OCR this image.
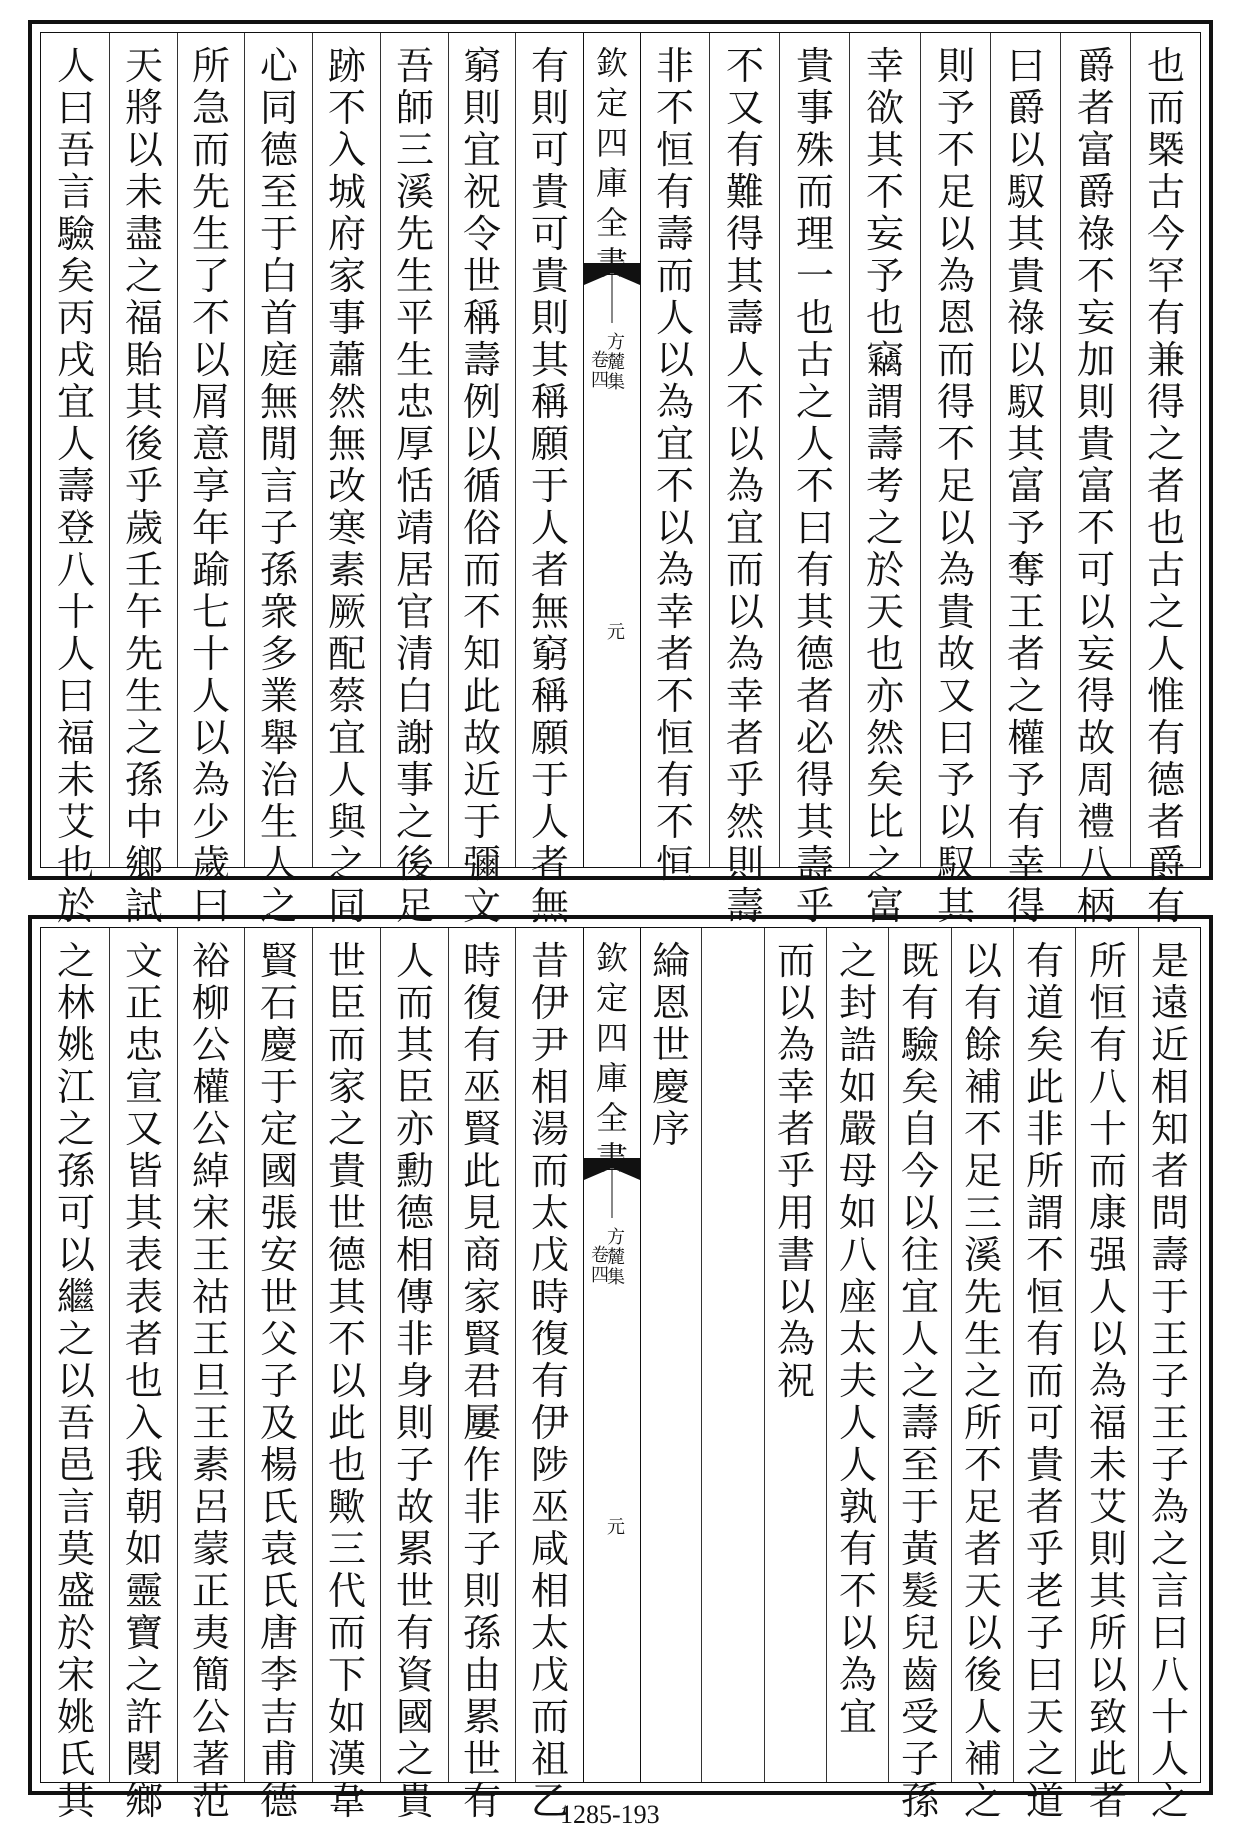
欽
定
四
庫
全
方
麓
集
卷
四
元
也
而
槩
古
今
罕
有
兼
得
之
者
也
古
之
人
惟
有
德
者
爵
有
爵
者
富
爵
祿
不
妄
加
則
貴
富
不
可
以
妄
得
故
周
禮
八
柄
曰
爵
以
馭
其
貴
祿
以
馭
其
富
予
奪
王
者
之
權
予
有
幸
得
則
予
不
足
以
為
恩
而
得
不
足
以
為
貴
故
又
曰
予
以
馭
其
幸
欲
其
不
妄
予
也
竊
謂
壽
考
之
於
天
也
亦
然
矣
比
之
富
貴
事
殊
而
理
一
也
古
之
人
不
曰
有
其
德
者
必
得
其
壽
乎
不
又
有
難
得
其
壽
人
不
以
為
宜
而
以
為
幸
者
乎
然
則
壽
非
不
恒
有
壽
而
人
以
為
宜
不
以
為
幸
者
不
恒
有
不
恒
有
則
可
貴
可
貴
則
其
稱
願
于
人
者
無
窮
稱
願
于
人
者
無
窮
則
宜
祝
令
世
稱
壽
例
以
循
俗
而
不
知
此
故
近
于
彌
文
吾
師
三
溪
先
生
平
生
忠
厚
恬
靖
居
官
清
白
謝
事
之
後
足
跡
不
入
城
府
家
事
蕭
然
無
改
寒
素
厥
配
蔡
宜
人
與
之
同
心
同
德
至
于
白
首
庭
無
閒
言
子
孫
衆
多
業
舉
治
生
人
之
所
急
而
先
生
了
不
以
屑
意
享
年
踰
七
十
人
以
為
少
歲
曰
天
將
以
未
盡
之
福
貽
其
後
乎
歲
壬
午
先
生
之
孫
中
鄉
試
人
曰
吾
言
驗
矣
丙
戌
宜
人
壽
登
八
十
人
曰
福
未
艾
也
於
欽
定
四
庫
全
方
麓
集
卷
四
元
是
遠
近
相
知
者
問
壽
于
王
子
王
子
為
之
言
曰
八
十
人
之
所
恒
有
八
十
而
康
强
人
以
為
福
未
艾
則
其
所
以
致
此
者
有
道
矣
此
非
所
謂
不
恒
有
而
可
貴
者
乎
老
子
曰
天
之
道
以
有
餘
補
不
足
三
溪
先
生
之
所
不
足
者
天
以
後
人
補
之
既
有
驗
矣
自
今
以
往
宜
人
之
壽
至
于
黃
髮
兒
齒
受
子
孫
之
封
誥
如
嚴
母
如
八
座
太
夫
人
人
孰
有
不
以
為
宜
而
以
為
幸
者
乎
用
書
以
為
祝
綸
恩
世
慶
序
昔
伊
尹
相
湯
而
太
戊
時
復
有
伊
陟
巫
咸
相
太
戊
而
祖
乙
時
復
有
巫
賢
此
見
商
家
賢
君
屢
作
非
子
則
孫
由
累
世
有
人
而
其
臣
亦
勳
德
相
傳
非
身
則
子
故
累
世
有
資
國
之
貴
世
臣
而
家
之
貴
世
德
其
不
以
此
也
歟
三
代
而
下
如
漢
韋
賢
石
慶
于
定
國
張
安
世
父
子
及
楊
氏
袁
氏
唐
李
吉
甫
德
裕
柳
公
權
公
綽
宋
王
祜
王
旦
王
素
呂
蒙
正
夷
簡
公
著
范
文
正
忠
宣
又
皆
其
表
表
者
也
入
我
朝
如
靈
寶
之
許
閿
鄉
之
林
姚
江
之
孫
可
以
繼
之
以
吾
邑
言
莫
盛
於
宋
姚
氏
其	1285-193
